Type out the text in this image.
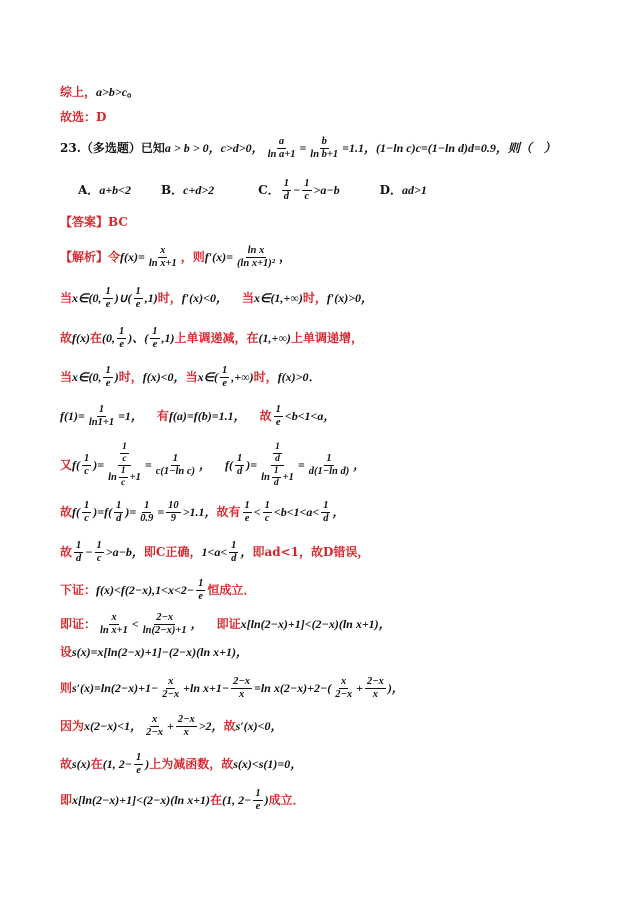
综上， a>b>c 。
故选：D
23.（多选题）已知 a > b > 0，c>d>0， $\frac{a}{\text{ln a+1}} = \frac{b}{\text{ln b+1}} =1.1$，(1−ln c)c=(1−ln d)d=0.9，则（　）
A． a+b<2	B． c+d>2	C． 1
$d - \frac{1}{c} >a-b$	D． ad>1
【答案】BC
【解析】令 $f(x)= \frac{x}{\text{ln x+1}}$ ，则 $f'(x)= \frac{\text{ln x}}{\text{(ln x+1)²}}$ ，
当 x∈(0, 1
e )∪( 1
e ,1) 时， f′(x)<0， 当 x∈(1,+∞) 时， f′(x)>0，
故 f(x) 在 (0, 1
e )、( 1
e ,1) 上单调递减，在 (1,+∞) 上单调递增，
当 x∈(0, 1
e ) 时， f(x)<0， 当 x∈( 1
e ,+∞) 时， f(x)>0．
$f(1)= \frac{1}{\ln 1+1} =1$， 有 f(a)=f(b)=1.1， 故 1
e <b<1<a，
又 f( 1
c )= 1
c
$\ln \frac{1}{c} +1 = \frac{1}{\text{c(1−ln c)}}$ ， f( 1
d )= 1
d
$\ln \frac{1}{d} +1 = \frac{1}{\text{d(1−ln d)}}$ ，
故 f( 1
c )=f( 1
d )= $\frac{1}{0.9} = \frac{10}{9} >1.1$， 故有 1
e < 1
c <b<1<a< 1
d ，
故 1
$d - \frac{1}{c} >a-b$， 即C正确， 1<a< 1
d ， 即ad<1， 故D错误，
下证： $f(x)<f(2-x),1<x<2- \frac{1}{e}$ 恒成立．
即证： x
ln x+1 < 2−x
ln(2−x)+1 ， 即证 x[ln(2−x)+1]<(2−x)(ln x+1)，
设 s(x)=x[ln(2−x)+1]−(2−x)(ln x+1)，
则 $s'(x)=\ln(2-x)+1- \frac{x}{2-x} +\ln$ $x+1- \frac{2-x}{x} =\ln$ x(2−x)+2−( x
$2-x + \frac{2-x}{x}$ )，
因为 x(2−x)<1， x
$2-x + \frac{2-x}{x} >2$， 故 s′(x)<0，
故 s(x) 在 (1, $2- \frac{1}{e}$ ) 上为减函数， 故 s(x)<s(1)=0，
即 x[ln(2−x)+1]<(2−x)(ln x+1) 在 (1, $2- \frac{1}{e}$ ) 成立．
